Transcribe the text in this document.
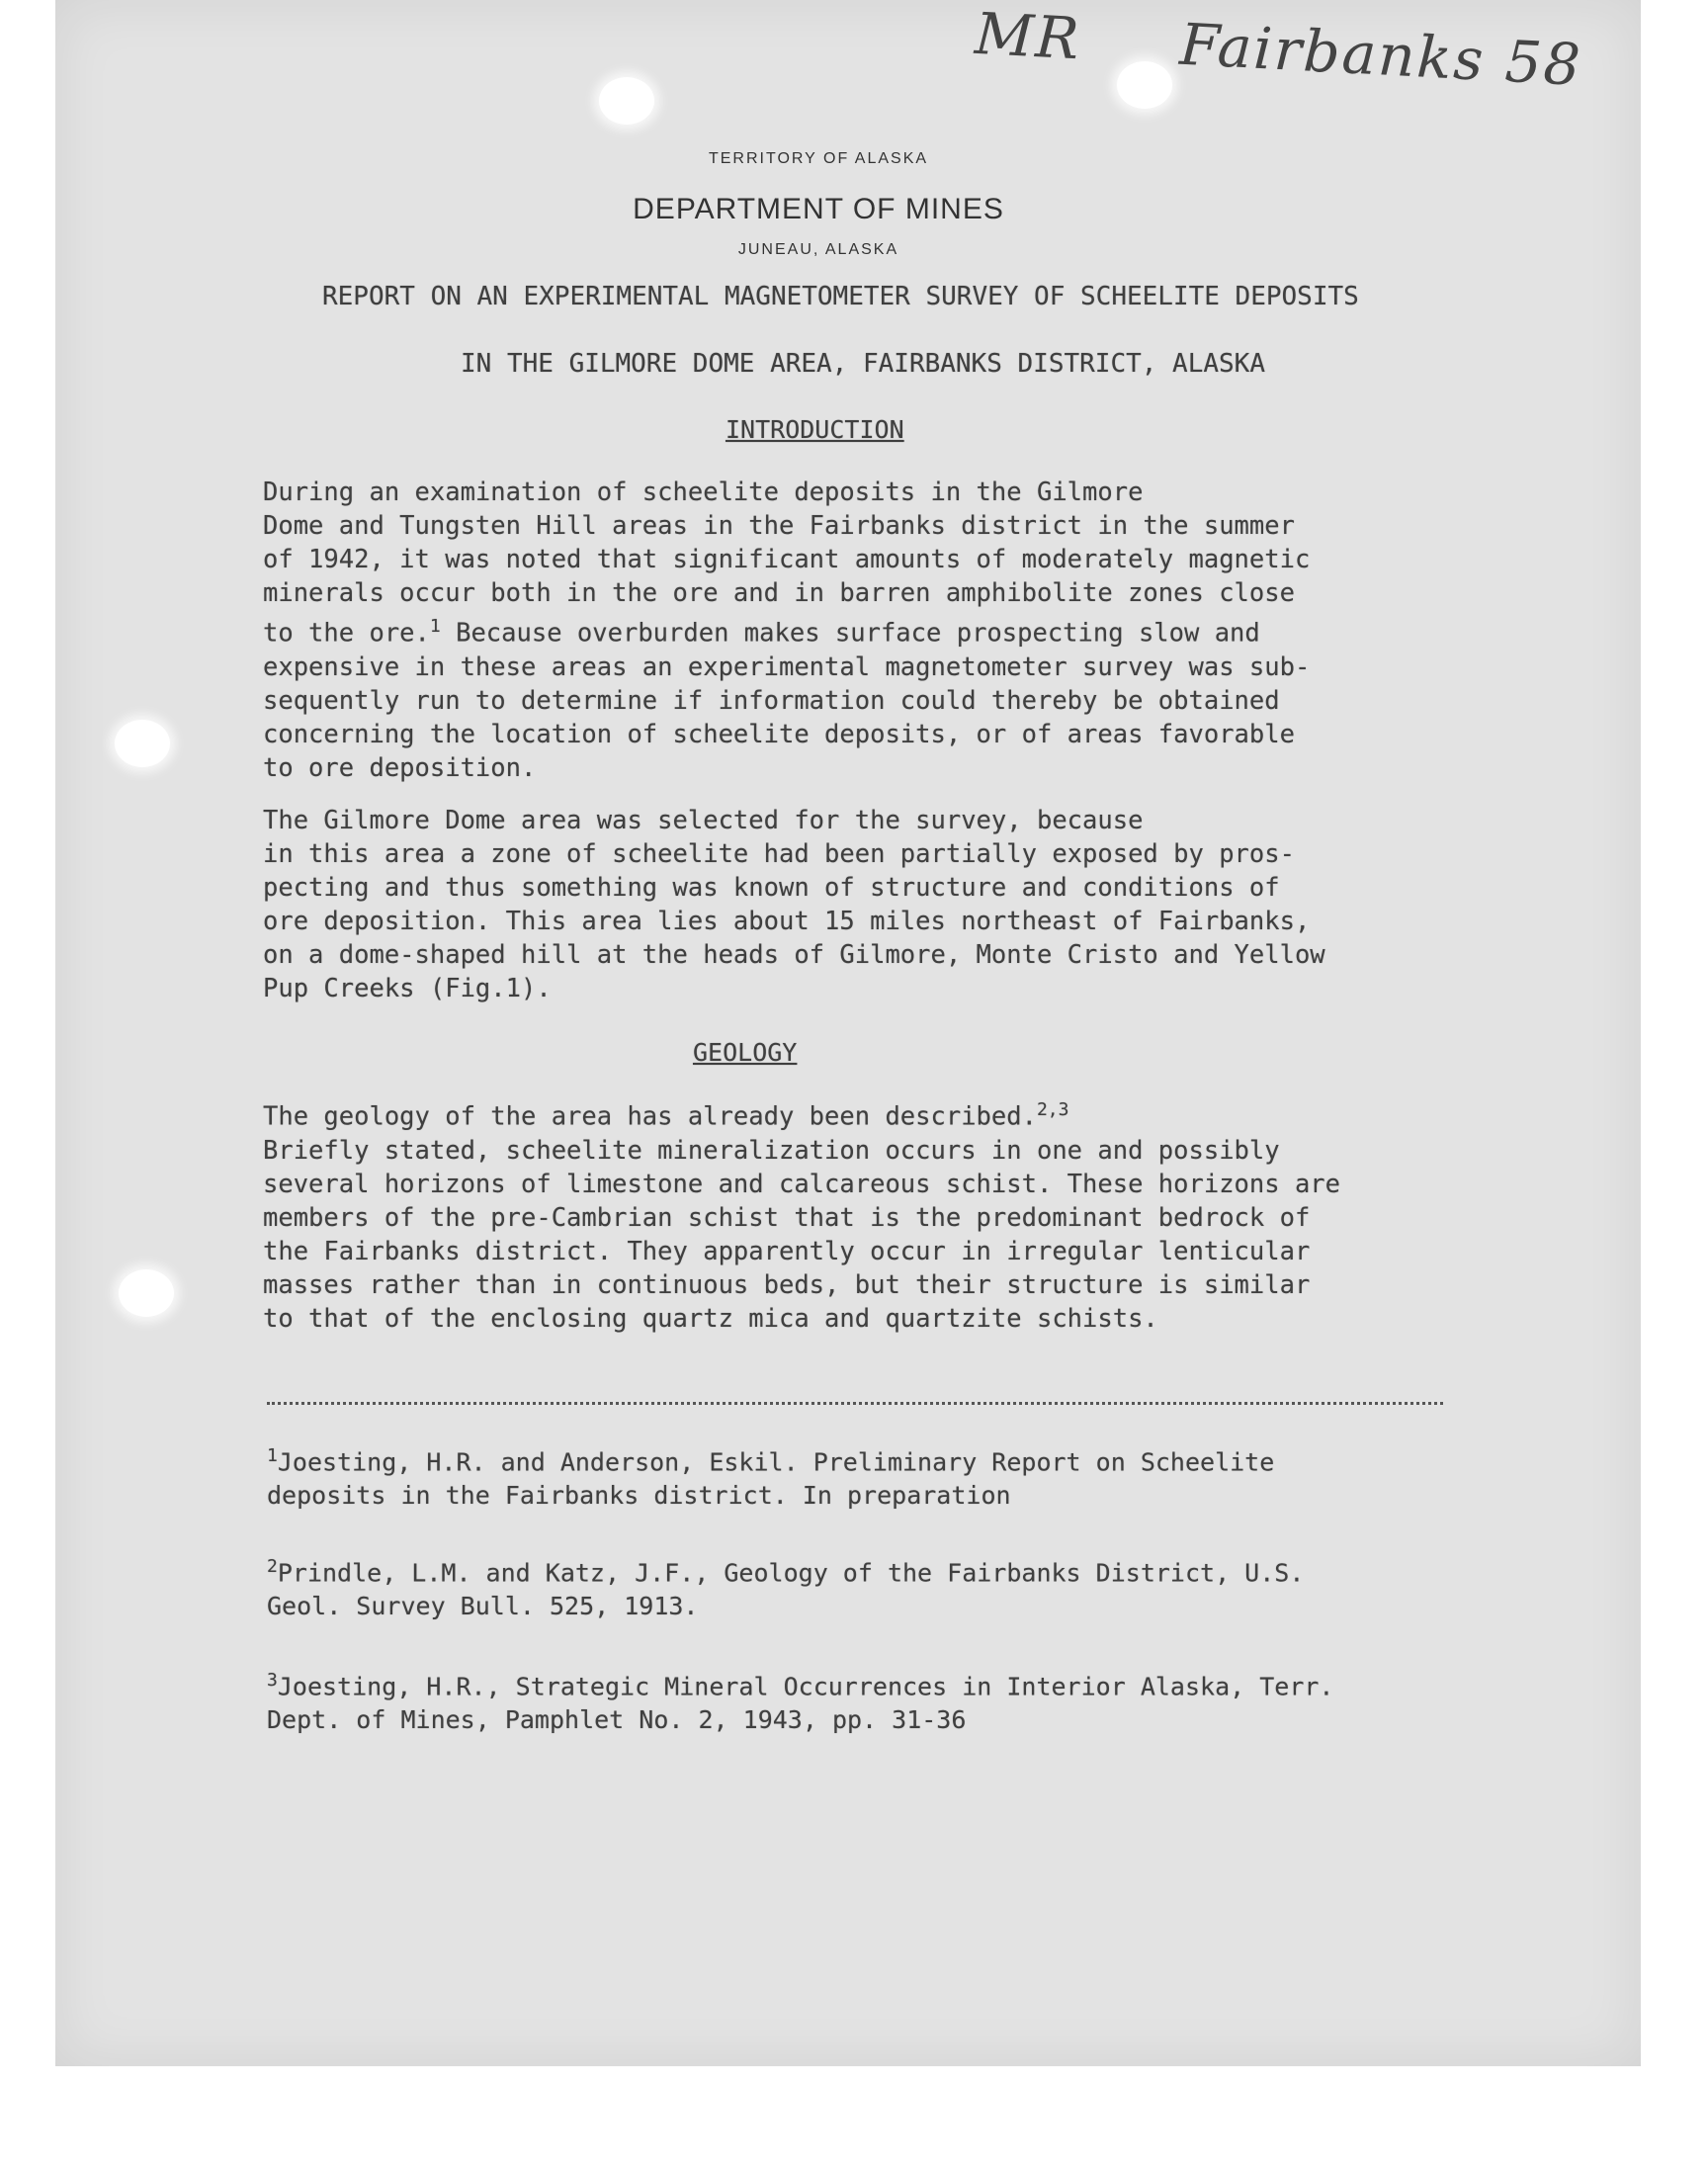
MR Fairbanks 58
TERRITORY OF ALASKA
DEPARTMENT OF MINES
JUNEAU, ALASKA
REPORT ON AN EXPERIMENTAL MAGNETOMETER SURVEY OF SCHEELITE DEPOSITS
IN THE GILMORE DOME AREA, FAIRBANKS DISTRICT, ALASKA
INTRODUCTION
During an examination of scheelite deposits in the Gilmore
Dome and Tungsten Hill areas in the Fairbanks district in the summer
of 1942, it was noted that significant amounts of moderately magnetic
minerals occur both in the ore and in barren amphibolite zones close
to the ore.$^1$ Because overburden makes surface prospecting slow and
expensive in these areas an experimental magnetometer survey was sub-
sequently run to determine if information could thereby be obtained
concerning the location of scheelite deposits, or of areas favorable
to ore deposition.
The Gilmore Dome area was selected for the survey, because
in this area a zone of scheelite had been partially exposed by pros-
pecting and thus something was known of structure and conditions of
ore deposition. This area lies about 15 miles northeast of Fairbanks,
on a dome-shaped hill at the heads of Gilmore, Monte Cristo and Yellow
Pup Creeks (Fig.1).
GEOLOGY
The geology of the area has already been described.$^{2,3}$
Briefly stated, scheelite mineralization occurs in one and possibly
several horizons of limestone and calcareous schist. These horizons are
members of the pre-Cambrian schist that is the predominant bedrock of
the Fairbanks district. They apparently occur in irregular lenticular
masses rather than in continuous beds, but their structure is similar
to that of the enclosing quartz mica and quartzite schists.
$^1$Joesting, H.R. and Anderson, Eskil. Preliminary Report on Scheelite
deposits in the Fairbanks district. In preparation
$^2$Prindle, L.M. and Katz, J.F., Geology of the Fairbanks District, U.S.
Geol. Survey Bull. 525, 1913.
$^3$Joesting, H.R., Strategic Mineral Occurrences in Interior Alaska, Terr.
Dept. of Mines, Pamphlet No. 2, 1943, pp. 31-36
